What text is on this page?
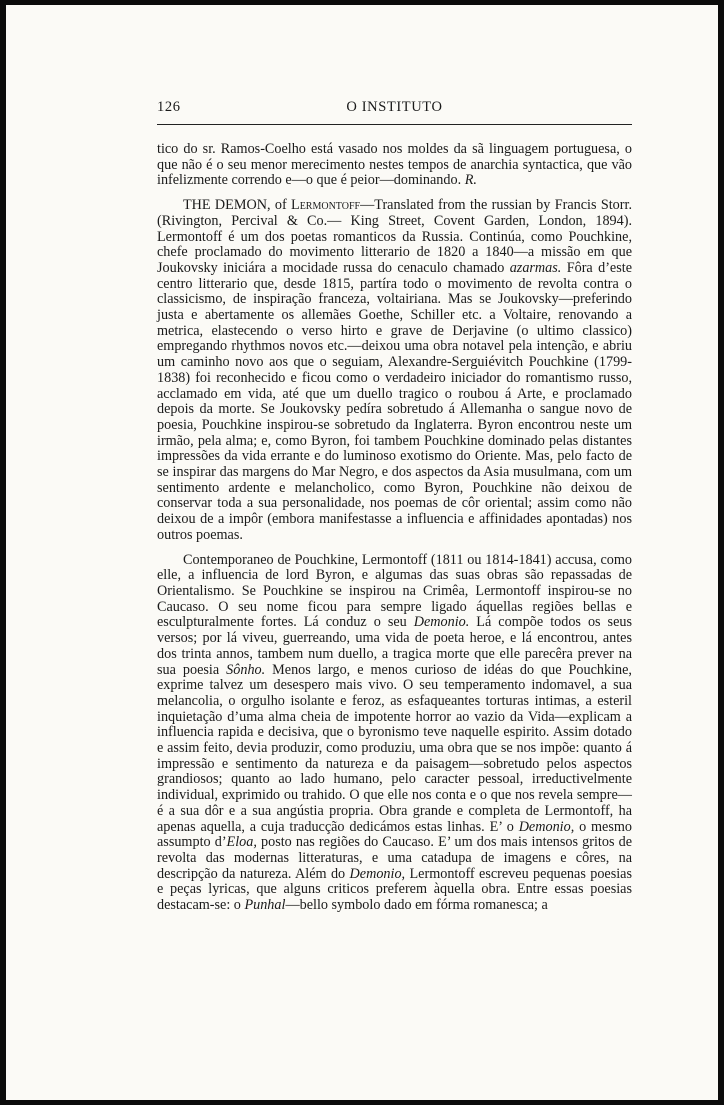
126	O INSTITUTO

tico do sr. Ramos-Coelho está vasado nos moldes da sã linguagem portuguesa, o que não é o seu menor merecimento nestes tempos de anarchia syntactica, que vão infelizmente correndo e—o que é peior—dominando. R.

THE DEMON, of Lermontoff—Translated from the russian by Francis Storr. (Rivington, Percival & Co.— King Street, Covent Garden, London, 1894). Lermontoff é um dos poetas romanticos da Russia. Continúa, como Pouchkine, chefe proclamado do movimento litterario de 1820 a 1840—a missão em que Joukovsky iniciára a mocidade russa do cenaculo chamado azarmas. Fôra d’este centro litterario que, desde 1815, partíra todo o movimento de revolta contra o classicismo, de inspiração franceza, voltairiana. Mas se Joukovsky—preferindo justa e abertamente os allemães Goethe, Schiller etc. a Voltaire, renovando a metrica, elastecendo o verso hirto e grave de Derjavine (o ultimo classico) empregando rhythmos novos etc.—deixou uma obra notavel pela intenção, e abriu um caminho novo aos que o seguiam, Alexandre-Serguiévitch Pouchkine (1799-1838) foi reconhecido e ficou como o verdadeiro iniciador do romantismo russo, acclamado em vida, até que um duello tragico o roubou á Arte, e proclamado depois da morte. Se Joukovsky pedíra sobretudo á Allemanha o sangue novo de poesia, Pouchkine inspirou-se sobretudo da Inglaterra. Byron encontrou neste um irmão, pela alma; e, como Byron, foi tambem Pouchkine dominado pelas distantes impressões da vida errante e do luminoso exotismo do Oriente. Mas, pelo facto de se inspirar das margens do Mar Negro, e dos aspectos da Asia musulmana, com um sentimento ardente e melancholico, como Byron, Pouchkine não deixou de conservar toda a sua personalidade, nos poemas de côr oriental; assim como não deixou de a impôr (embora manifestasse a influencia e affinidades apontadas) nos outros poemas.

Contemporaneo de Pouchkine, Lermontoff (1811 ou 1814-1841) accusa, como elle, a influencia de lord Byron, e algumas das suas obras são repassadas de Orientalismo. Se Pouchkine se inspirou na Crimêa, Lermontoff inspirou-se no Caucaso. O seu nome ficou para sempre ligado áquellas regiões bellas e esculpturalmente fortes. Lá conduz o seu Demonio. Lá compõe todos os seus versos; por lá viveu, guerreando, uma vida de poeta heroe, e lá encontrou, antes dos trinta annos, tambem num duello, a tragica morte que elle parecêra prever na sua poesia Sônho. Menos largo, e menos curioso de idéas do que Pouchkine, exprime talvez um desespero mais vivo. O seu temperamento indomavel, a sua melancolia, o orgulho isolante e feroz, as esfaqueantes torturas intimas, a esteril inquietação d’uma alma cheia de impotente horror ao vazio da Vida—explicam a influencia rapida e decisiva, que o byronismo teve naquelle espirito. Assim dotado e assim feito, devia produzir, como produziu, uma obra que se nos impõe: quanto á impressão e sentimento da natureza e da paisagem—sobretudo pelos aspectos grandiosos; quanto ao lado humano, pelo caracter pessoal, irreductivelmente individual, exprimido ou trahido. O que elle nos conta e o que nos revela sempre—é a sua dôr e a sua angústia propria. Obra grande e completa de Lermontoff, ha apenas aquella, a cuja traducção dedicámos estas linhas. E’ o Demonio, o mesmo assumpto d’Eloa, posto nas regiões do Caucaso. E’ um dos mais intensos gritos de revolta das modernas litteraturas, e uma catadupa de imagens e côres, na descripção da natureza. Além do Demonio, Lermontoff escreveu pequenas poesias e peças lyricas, que alguns criticos preferem àquella obra. Entre essas poesias destacam-se: o Punhal—bello symbolo dado em fórma romanesca; a
